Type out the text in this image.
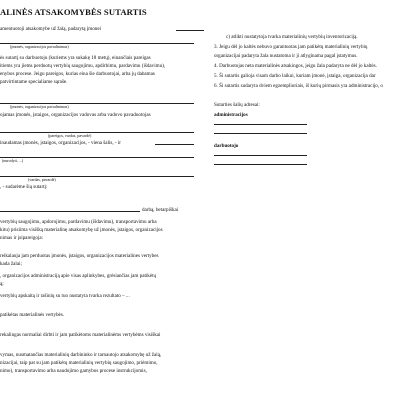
ALINĖS ATSAKOMYBĖS SUTARTIS
amentuotoji atsakomybe už žalą, padarytą įmonei
(įmonės, organizacijos pavadinimas)
ės sutartį su darbuotoju (kuriems yra sukakę 18 metų), einančiais pareigas
itiems yra jiems perduotų vertybių saugojimu, apdirbimu, pardavimu (išdavimu),
enybos procese. Jeigu pareigos, kurias eina šie darbuotojai, arba jų dabamas
patvirtintame specialiame sąraše.
(įmonės, organizacijos pavadinimas)
ojamas įmonės, įstaigos, organizacijos vadovas arba vadovo pavaduotojas
(pareigos, vardas, pavardė)
inaudamas įmonės, įstaigos, organizacijos, - viena šalis, - ir
(nurodyti, ...)
(vardas, pavardė)
, - sudarėme šią sutartį:
darbą, betarpiškai
vertybių saugojimu, apdorojimu, pardavimu (išdavimu), transportavimu arba
kitu) prisiima visišką materialinę atsakomybę už įmonės, įstaigos, organizacijos
nimas ir įsipareigoja:
reikalauja jam perduotas įmonės, įstaigos, organizacijos materialines vertybes
kada žalai;
, organizacijos administraciją apie visas aplinkybes, grėsiančias jam patikėtų
ą;
vertybių apskaitą ir rašinių su tuo nustatyta tvarka rezultato – ...
patikėtas materialinės vertybės.
rekalingas normaliai dirbti ir jam patikėtoms materialinėms vertybėms visiškai
vymas, nusmatančias materialinių darbininko ir tarnautojo atsakomybę už žalą,
nizacijai, taip pat su jam patikėtų materialinių vertybių saugojimo, priėmimo,
nimo), transportavimo arba naudojimo gamybos procese instrukcijomis,
c) atlikti nustatytoja tvarka materialinių vertybių inventorizaciją.
3. Jeigu dėl jo kaltės nebuvo garantuotas jam patikėtų materialinių vertybių
organizacijai padaryta žala nustatoma ir ji atlyginama pagal įstatymus.
4. Darbuotojas neta materialinės atsakingos, jeigu žala padaryta ne dėl jo kaltės.
5. Ši sutartis galioja visam darbo laikui, kuriam įmonė, įstaiga, organizacija dar
6. Ši sutartis sudaryta dviem egzemplioriais, iš kurių pirmasis yra administracijo, o
Sutarties šalių adresai:
administracijos
darbuotojo
